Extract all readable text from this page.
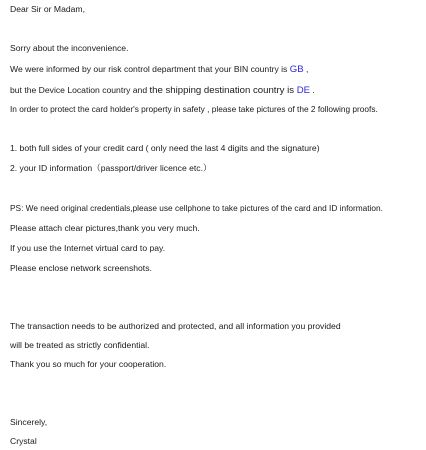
Dear Sir or Madam,
Sorry about the inconvenience.
We were informed by our risk control department that your BIN country is GB ,
but the Device Location country and the shipping destination country is DE .
In order to protect the card holder's property in safety , please take pictures of the 2 following proofs.
1. both full sides of your credit card ( only need the last 4 digits and the signature)
2. your ID information（passport/driver licence etc.）
PS: We need original credentials,please use cellphone to take pictures of the card and ID information.
Please attach clear pictures,thank you very much.
If you use the Internet virtual card to pay.
Please enclose network screenshots.
The transaction needs to be authorized and protected, and all information you provided
will be treated as strictly confidential.
Thank you so much for your cooperation.
Sincerely,
Crystal
